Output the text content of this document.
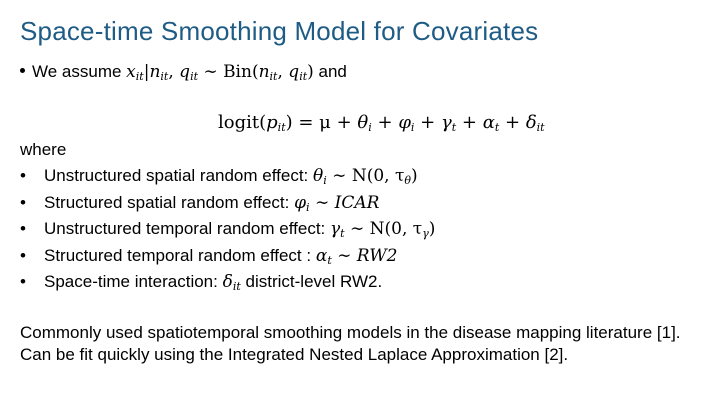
Space-time Smoothing Model for Covariates
We assume $x_{it}|n_{it}$, $q_{it}$ ∼ $Bin(n_{it}$, $q_{it}$) and
$logit(p_{it}) = \mu + \theta_i + \varphi_i + \gamma_t + \alpha_t + \delta_{it}$
where
• Unstructured spatial random effect: $\theta_i$ ∼ N(0, $\tau_\theta$)
• Structured spatial random effect: $\varphi_i$ ∼ ICAR
• Unstructured temporal random effect: $\gamma_t$ ∼ N(0, $\tau_\gamma$)
• Structured temporal random effect : $\alpha_t$ ∼ RW2
• Space-time interaction: $\delta_{it}$ district-level RW2.
Commonly used spatiotemporal smoothing models in the disease mapping literature [1]. Can be fit quickly using the Integrated Nested Laplace Approximation [2].
